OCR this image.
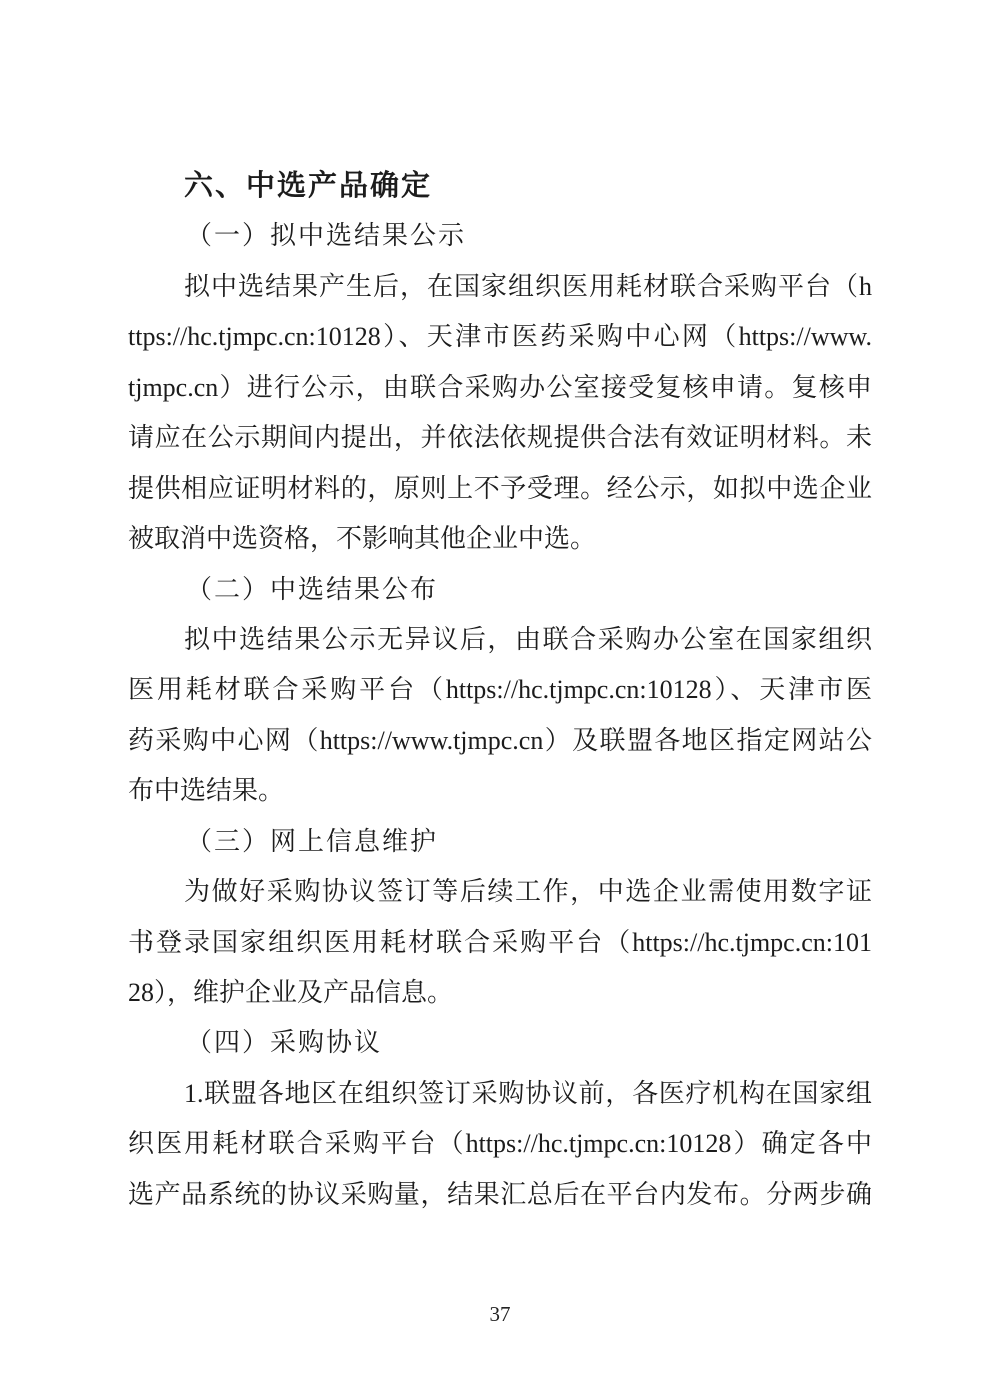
六、中选产品确定
（一）拟中选结果公示
拟中选结果产生后，在国家组织医用耗材联合采购平台（h
ttps://hc.tjmpc.cn:10128）、天津市医药采购中心网（https://www.
tjmpc.cn）进行公示，由联合采购办公室接受复核申请。复核申
请应在公示期间内提出，并依法依规提供合法有效证明材料。未
提供相应证明材料的，原则上不予受理。经公示，如拟中选企业
被取消中选资格，不影响其他企业中选。
（二）中选结果公布
拟中选结果公示无异议后，由联合采购办公室在国家组织
医用耗材联合采购平台（https://hc.tjmpc.cn:10128）、天津市医
药采购中心网（https://www.tjmpc.cn）及联盟各地区指定网站公
布中选结果。
（三）网上信息维护
为做好采购协议签订等后续工作，中选企业需使用数字证
书登录国家组织医用耗材联合采购平台（https://hc.tjmpc.cn:101
28），维护企业及产品信息。
（四）采购协议
1.联盟各地区在组织签订采购协议前，各医疗机构在国家组
织医用耗材联合采购平台（https://hc.tjmpc.cn:10128）确定各中
选产品系统的协议采购量，结果汇总后在平台内发布。分两步确
37
